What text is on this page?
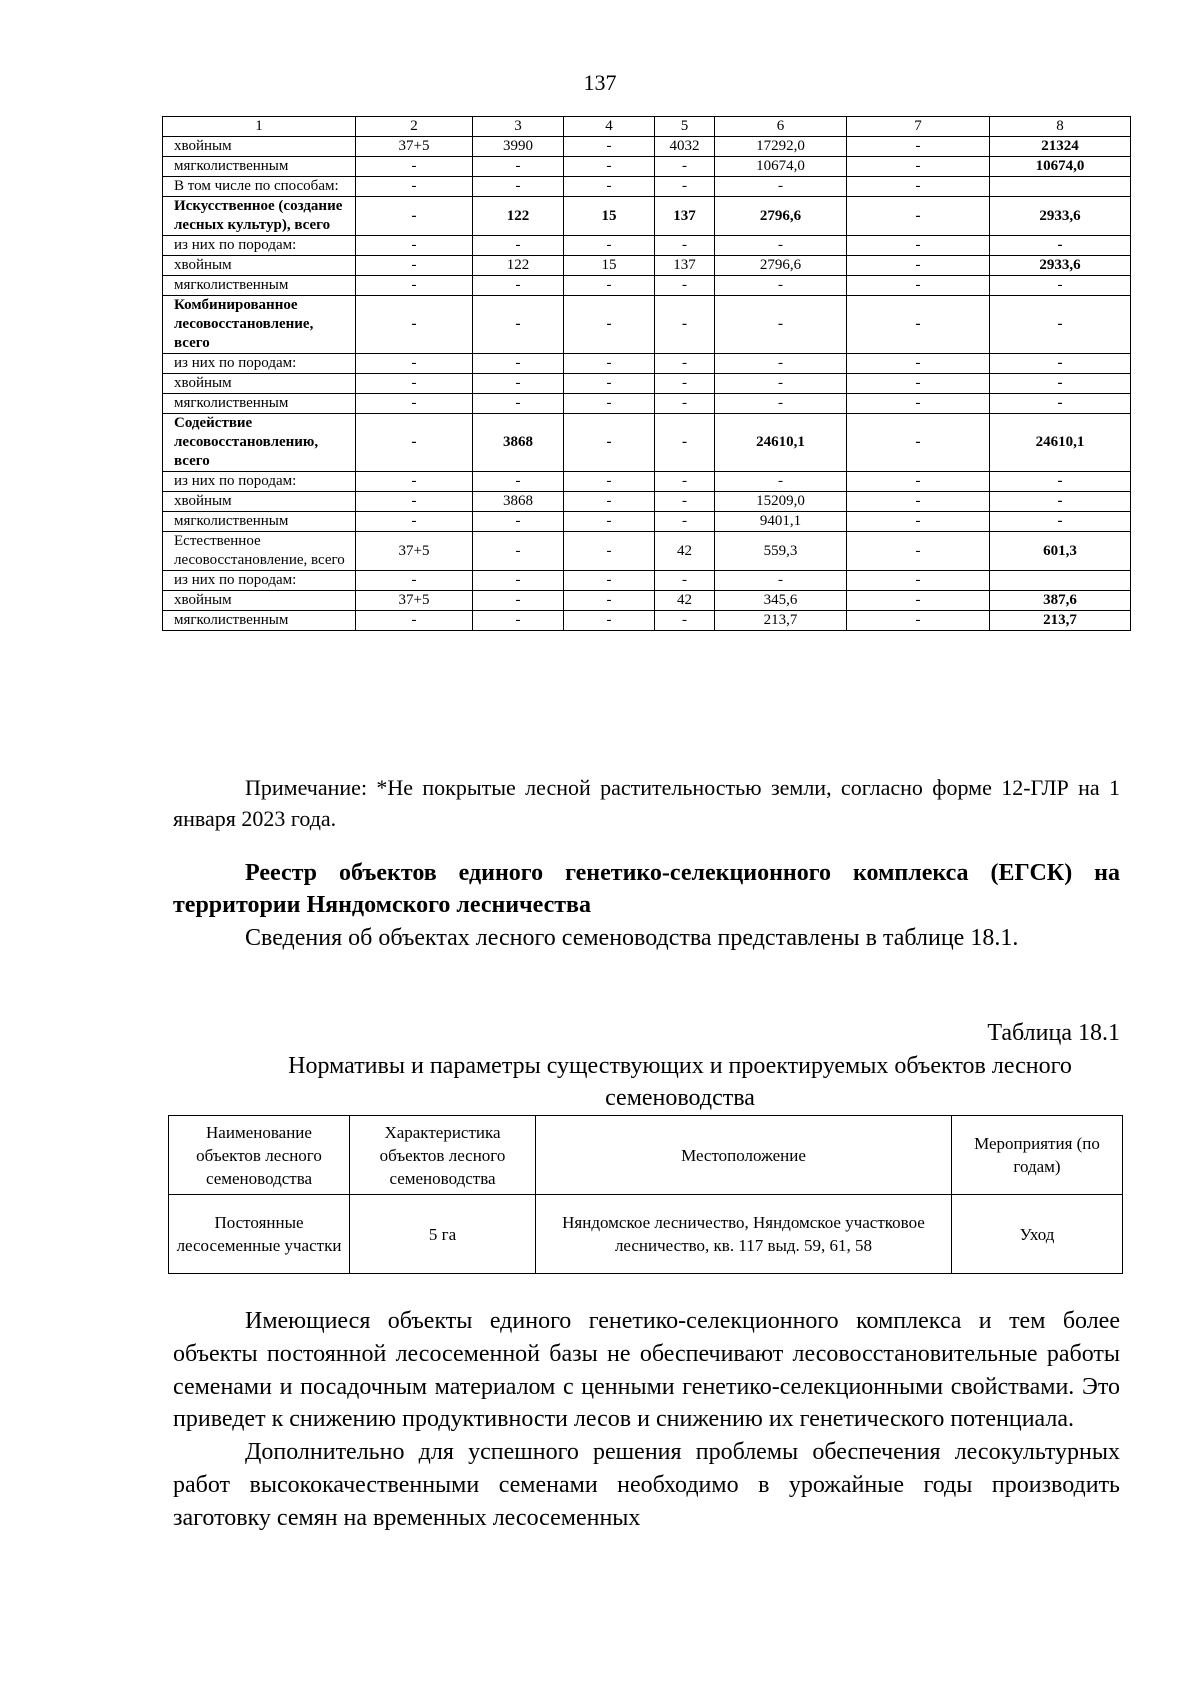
137
1	2	3	4	5	6	7	8
хвойным	37+5	3990	-	4032	17292,0	-	21324
мягколиственным	-	-	-	-	10674,0	-	10674,0
В том числе по способам:	-	-	-	-	-	-	
Искусственное (создание лесных культур), всего	-	122	15	137	2796,6	-	2933,6
из них по породам:	-	-	-	-	-	-	-
хвойным	-	122	15	137	2796,6	-	2933,6
мягколиственным	-	-	-	-	-	-	-
Комбинированное лесовосстановление, всего	-	-	-	-	-	-	-
из них по породам:	-	-	-	-	-	-	-
хвойным	-	-	-	-	-	-	-
мягколиственным	-	-	-	-	-	-	-
Содействие лесовосстановлению, всего	-	3868	-	-	24610,1	-	24610,1
из них по породам:	-	-	-	-	-	-	-
хвойным	-	3868	-	-	15209,0	-	-
мягколиственным	-	-	-	-	9401,1	-	-
Естественное лесовосстановление, всего	37+5	-	-	42	559,3	-	601,3
из них по породам:	-	-	-	-	-	-	
хвойным	37+5	-	-	42	345,6	-	387,6
мягколиственным	-	-	-	-	213,7	-	213,7
Примечание: *Не покрытые лесной растительностью земли, согласно форме 12-ГЛР на 1 января 2023 года.
Реестр объектов единого генетико-селекционного комплекса (ЕГСК) на территории Няндомского лесничества
Сведения об объектах лесного семеноводства представлены в таблице 18.1.
Таблица 18.1
Нормативы и параметры существующих и проектируемых объектов лесного семеноводства
Наименование объектов лесного семеноводства	Характеристика объектов лесного семеноводства	Местоположение	Мероприятия (по годам)
Постоянные лесосеменные участки	5 га	Няндомское лесничество, Няндомское участковое лесничество, кв. 117 выд. 59, 61, 58	Уход

Имеющиеся объекты единого генетико-селекционного комплекса и тем более объекты постоянной лесосеменной базы не обеспечивают лесовосстановительные работы семенами и посадочным материалом с ценными генетико-селекционными свойствами. Это приведет к снижению продуктивности лесов и снижению их генетического потенциала.

Дополнительно для успешного решения проблемы обеспечения лесокультурных работ высококачественными семенами необходимо в урожайные годы производить заготовку семян на временных лесосеменных
